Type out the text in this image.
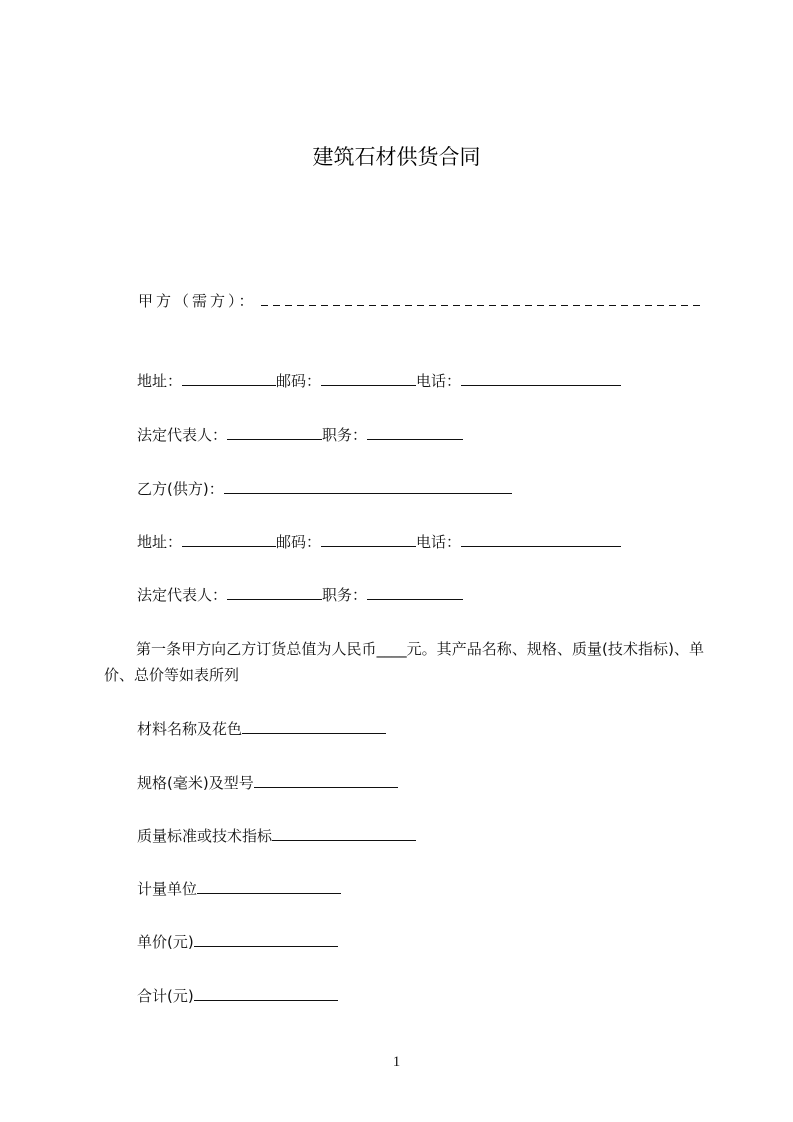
建筑石材供货合同
甲方（需方）：
地址：	邮码：	电话：
法定代表人：	职务：
乙方(供方)：
地址：	邮码：	电话：
法定代表人：	职务：
第一条甲方向乙方订货总值为人民币____元。其产品名称、规格、质量(技术指标)、单价、总价等如表所列
材料名称及花色
规格(毫米)及型号
质量标准或技术指标
计量单位
单价(元)
合计(元)
1
